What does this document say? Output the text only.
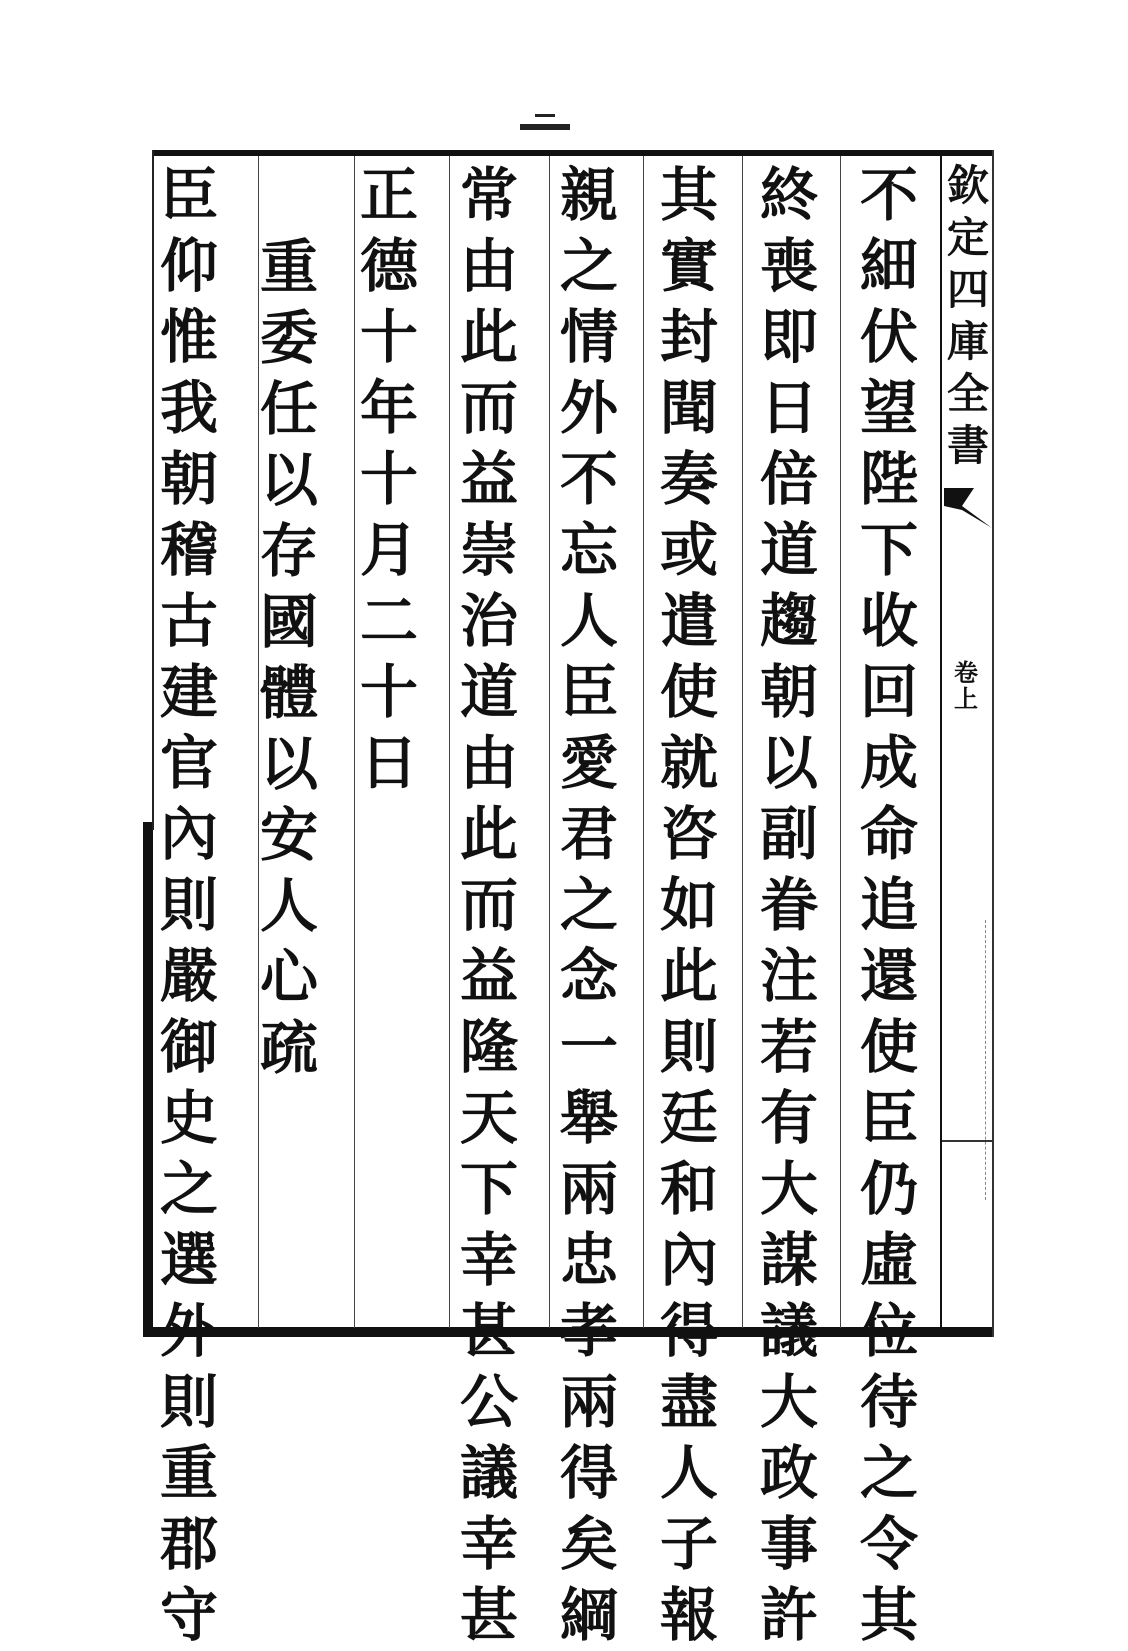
欽
定
四
庫
全
書
卷
上
不
細
伏
望
陛
下
收
回
成
命
追
還
使
臣
仍
虛
位
待
之
令
其
終
喪
即
日
倍
道
趨
朝
以
副
眷
注
若
有
大
謀
議
大
政
事
許
其
實
封
聞
奏
或
遣
使
就
咨
如
此
則
廷
和
內
得
盡
人
子
報
親
之
情
外
不
忘
人
臣
愛
君
之
念
一
舉
兩
忠
孝
兩
得
矣
綱
常
由
此
而
益
崇
治
道
由
此
而
益
隆
天
下
幸
甚
公
議
幸
甚
正
德
十
年
十
月
二
十
日
重
委
任
以
存
國
體
以
安
人
心
疏
臣
仰
惟
我
朝
稽
古
建
官
內
則
嚴
御
史
之
選
外
則
重
郡
守
